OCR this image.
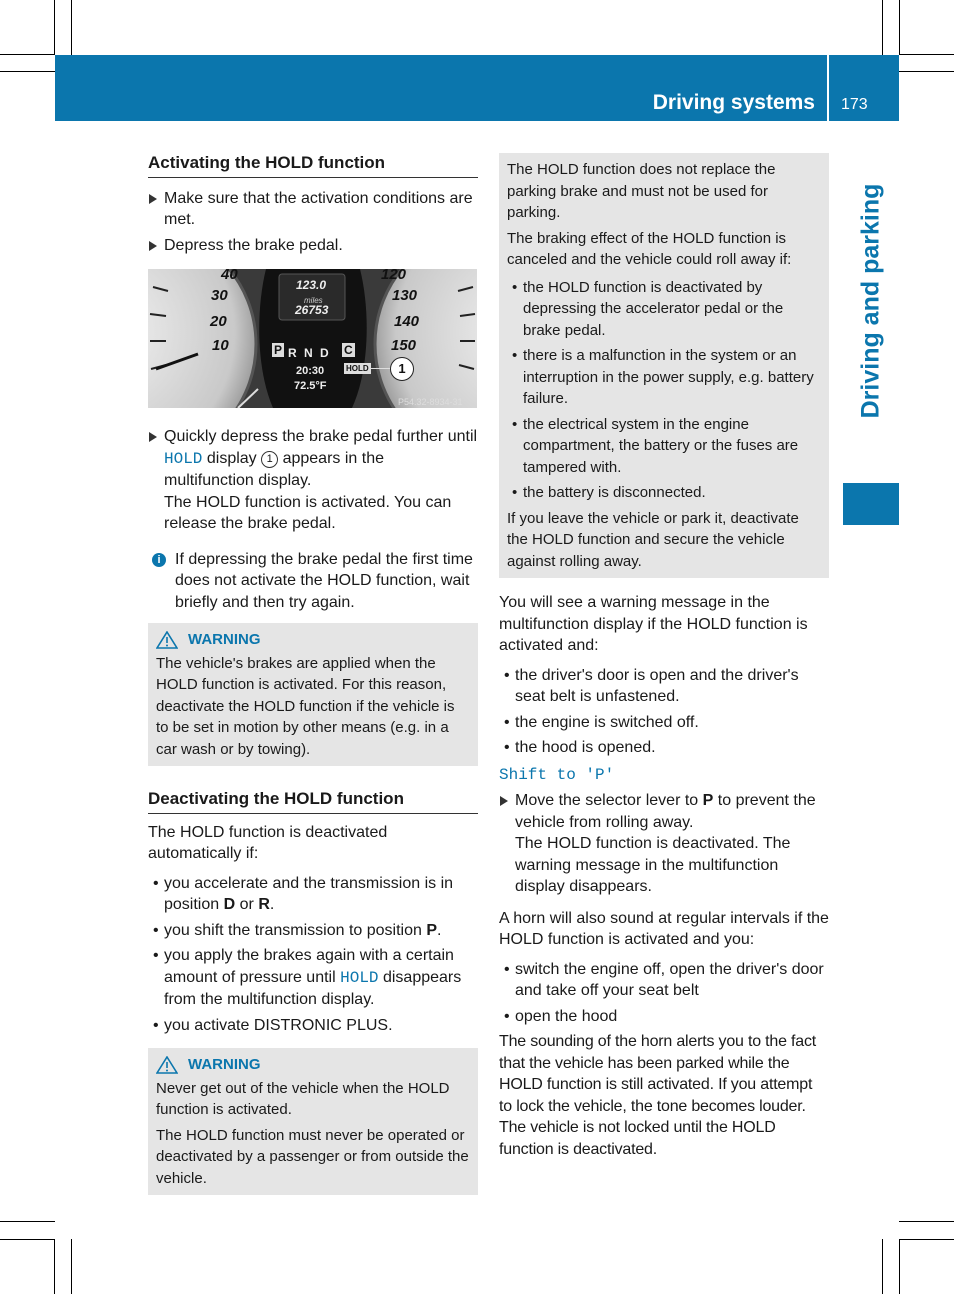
Driving systems 173
Driving and parking
Activating the HOLD function

Make sure that the activation conditions are met.

Depress the brake pedal.

40
30
20
10
120
130
140
150
123.0
miles
26753
P R N D C
20:30
72.5°F
HOLD	1
P54.32-8934-31

Quickly depress the brake pedal further until HOLD display 1 appears in the multifunction display.

The HOLD function is activated. You can release the brake pedal.

i If depressing the brake pedal the first time does not activate the HOLD function, wait briefly and then try again.

WARNING

The vehicle's brakes are applied when the HOLD function is activated. For this reason, deactivate the HOLD function if the vehicle is to be set in motion by other means (e.g. in a car wash or by towing).

Deactivating the HOLD function

The HOLD function is deactivated automatically if:

• you accelerate and the transmission is in position D or R.

• you shift the transmission to position P.

• you apply the brakes again with a certain amount of pressure until HOLD disappears from the multifunction display.

• you activate DISTRONIC PLUS.

WARNING

Never get out of the vehicle when the HOLD function is activated.

The HOLD function must never be operated or deactivated by a passenger or from outside the vehicle.

The HOLD function does not replace the parking brake and must not be used for parking.

The braking effect of the HOLD function is canceled and the vehicle could roll away if:

• the HOLD function is deactivated by depressing the accelerator pedal or the brake pedal.

• there is a malfunction in the system or an interruption in the power supply, e.g. battery failure.

• the electrical system in the engine compartment, the battery or the fuses are tampered with.

• the battery is disconnected.

If you leave the vehicle or park it, deactivate the HOLD function and secure the vehicle against rolling away.

You will see a warning message in the multifunction display if the HOLD function is activated and:

• the driver's door is open and the driver's seat belt is unfastened.

• the engine is switched off.

• the hood is opened.

Shift to 'P'

Move the selector lever to P to prevent the vehicle from rolling away.

The HOLD function is deactivated. The warning message in the multifunction display disappears.

A horn will also sound at regular intervals if the HOLD function is activated and you:

• switch the engine off, open the driver's door and take off your seat belt

• open the hood

The sounding of the horn alerts you to the fact that the vehicle has been parked while the HOLD function is still activated. If you attempt to lock the vehicle, the tone becomes louder. The vehicle is not locked until the HOLD function is deactivated.
